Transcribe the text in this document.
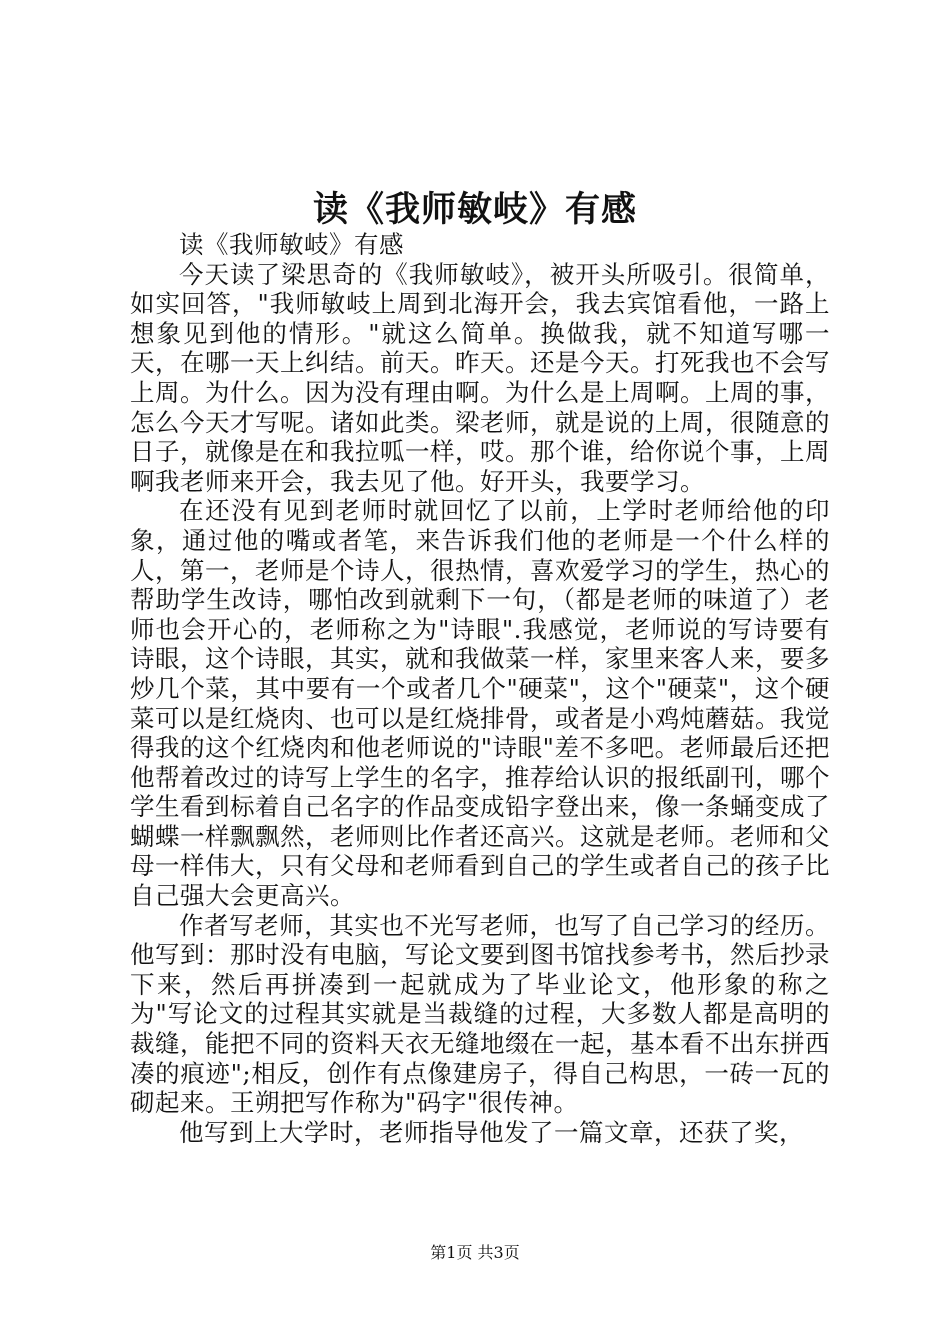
读《我师敏岐》有感

读《我师敏岐》有感

今天读了梁思奇的《我师敏岐》，被开头所吸引。很简单，如实回答，"我师敏岐上周到北海开会，我去宾馆看他，一路上想象见到他的情形。"就这么简单。换做我，就不知道写哪一天，在哪一天上纠结。前天。昨天。还是今天。打死我也不会写上周。为什么。因为没有理由啊。为什么是上周啊。上周的事，怎么今天才写呢。诸如此类。梁老师，就是说的上周，很随意的日子，就像是在和我拉呱一样，哎。那个谁，给你说个事，上周啊我老师来开会，我去见了他。好开头，我要学习。

在还没有见到老师时就回忆了以前，上学时老师给他的印象，通过他的嘴或者笔，来告诉我们他的老师是一个什么样的人，第一，老师是个诗人，很热情，喜欢爱学习的学生，热心的帮助学生改诗，哪怕改到就剩下一句，（都是老师的味道了）老师也会开心的，老师称之为"诗眼".我感觉，老师说的写诗要有诗眼，这个诗眼，其实，就和我做菜一样，家里来客人来，要多炒几个菜，其中要有一个或者几个"硬菜"，这个"硬菜"，这个硬菜可以是红烧肉、也可以是红烧排骨，或者是小鸡炖蘑菇。我觉得我的这个红烧肉和他老师说的"诗眼"差不多吧。老师最后还把他帮着改过的诗写上学生的名字，推荐给认识的报纸副刊，哪个学生看到标着自己名字的作品变成铅字登出来，像一条蛹变成了蝴蝶一样飘飘然，老师则比作者还高兴。这就是老师。老师和父母一样伟大，只有父母和老师看到自己的学生或者自己的孩子比自己强大会更高兴。

作者写老师，其实也不光写老师，也写了自己学习的经历。他写到：那时没有电脑，写论文要到图书馆找参考书，然后抄录下来，然后再拼凑到一起就成为了毕业论文，他形象的称之为"写论文的过程其实就是当裁缝的过程，大多数人都是高明的裁缝，能把不同的资料天衣无缝地缀在一起，基本看不出东拼西凑的痕迹";相反，创作有点像建房子，得自己构思，一砖一瓦的砌起来。王朔把写作称为"码字"很传神。

他写到上大学时，老师指导他发了一篇文章，还获了奖，

第1页 共3页
